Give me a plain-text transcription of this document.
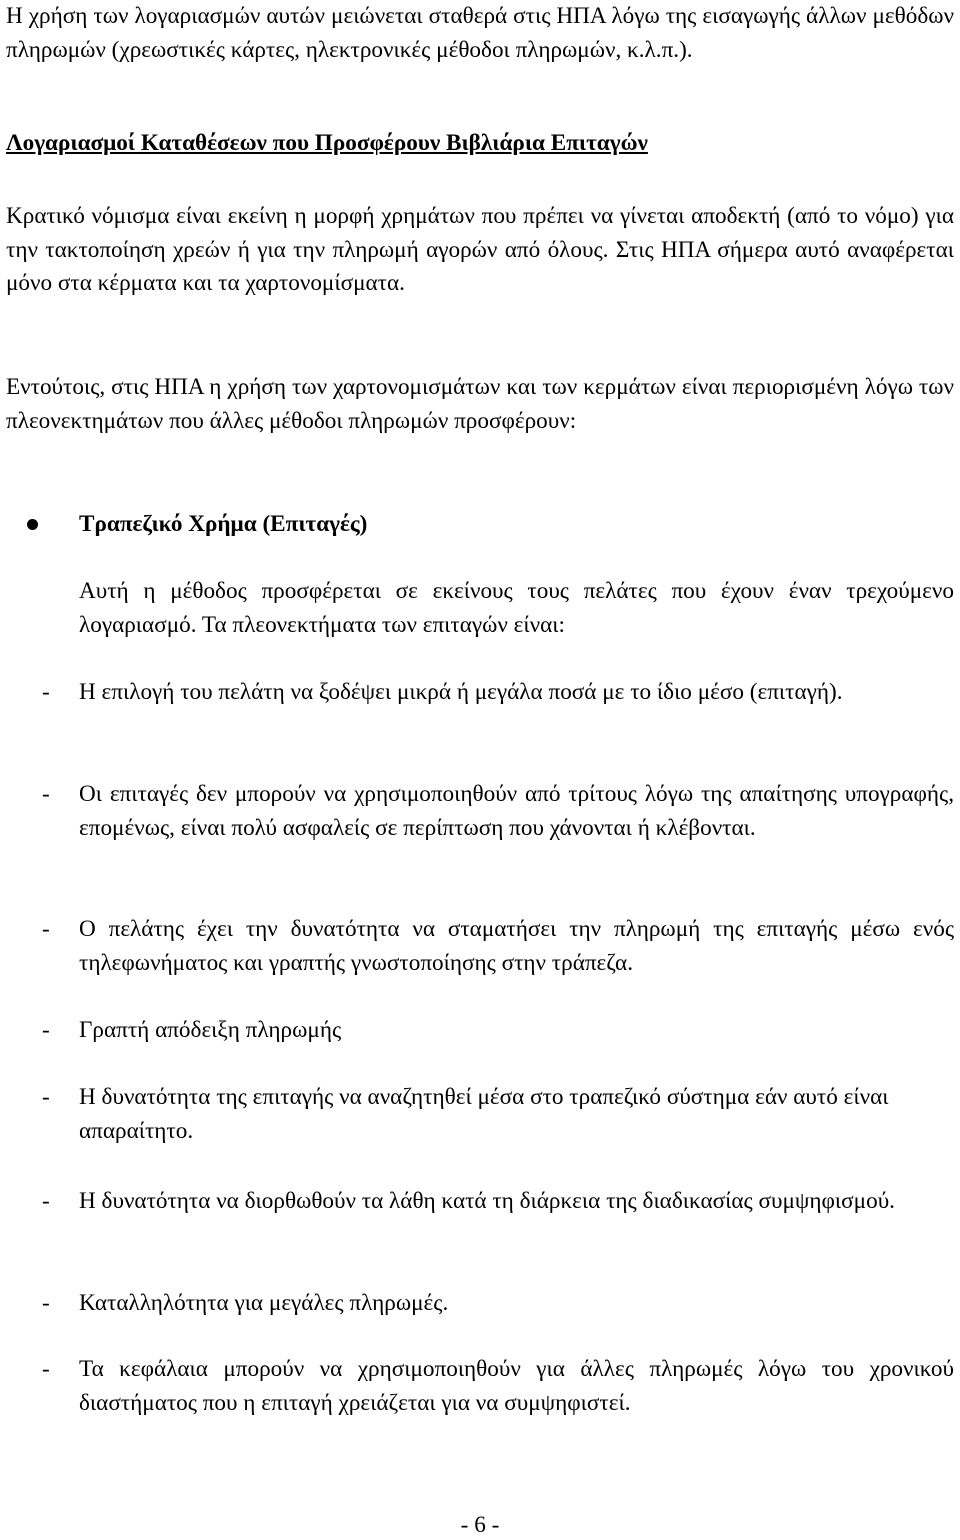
Η χρήση των λογαριασμών αυτών μειώνεται σταθερά στις ΗΠΑ λόγω της εισαγωγής άλλων μεθόδων πληρωμών (χρεωστικές κάρτες, ηλεκτρονικές μέθοδοι πληρωμών, κ.λ.π.).

Λογαριασμοί Καταθέσεων που Προσφέρουν Βιβλιάρια Επιταγών

Κρατικό νόμισμα είναι εκείνη η μορφή χρημάτων που πρέπει να γίνεται αποδεκτή (από το νόμο) για την τακτοποίηση χρεών ή για την πληρωμή αγορών από όλους. Στις ΗΠΑ σήμερα αυτό αναφέρεται μόνο στα κέρματα και τα χαρτονομίσματα.

Εντούτοις, στις ΗΠΑ η χρήση των χαρτονομισμάτων και των κερμάτων είναι περιορισμένη λόγω των πλεονεκτημάτων που άλλες μέθοδοι πληρωμών προσφέρουν:

Τραπεζικό Χρήμα (Επιταγές)

Αυτή η μέθοδος προσφέρεται σε εκείνους τους πελάτες που έχουν έναν τρεχούμενο λογαριασμό. Τα πλεονεκτήματα των επιταγών είναι:

- Η επιλογή του πελάτη να ξοδέψει μικρά ή μεγάλα ποσά με το ίδιο μέσο (επιταγή).

- Οι επιταγές δεν μπορούν να χρησιμοποιηθούν από τρίτους λόγω της απαίτησης υπογραφής, επομένως, είναι πολύ ασφαλείς σε περίπτωση που χάνονται ή κλέβονται.

- Ο πελάτης έχει την δυνατότητα να σταματήσει την πληρωμή της επιταγής μέσω ενός τηλεφωνήματος και γραπτής γνωστοποίησης στην τράπεζα.

- Γραπτή απόδειξη πληρωμής

- Η δυνατότητα της επιταγής να αναζητηθεί μέσα στο τραπεζικό σύστημα εάν αυτό είναι απαραίτητο.

- Η δυνατότητα να διορθωθούν τα λάθη κατά τη διάρκεια της διαδικασίας συμψηφισμού.

- Καταλληλότητα για μεγάλες πληρωμές.

- Τα κεφάλαια μπορούν να χρησιμοποιηθούν για άλλες πληρωμές λόγω του χρονικού διαστήματος που η επιταγή χρειάζεται για να συμψηφιστεί.

- 6 -
